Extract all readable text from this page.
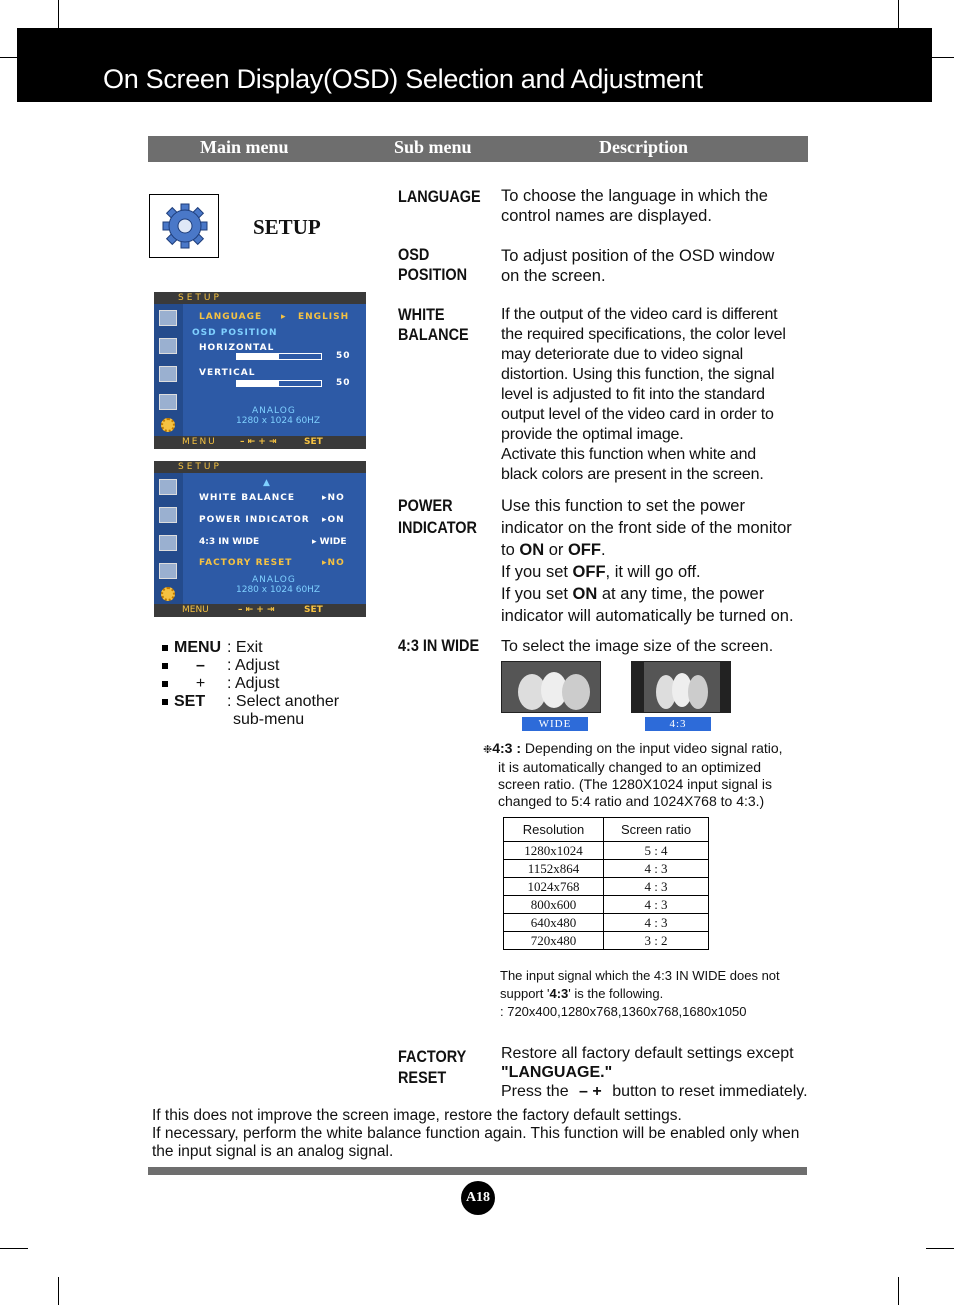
On Screen Display(OSD) Selection and Adjustment
Main menu	Sub menu	Description
SETUP
SETUP
LANGUAGE ▸ ENGLISH
OSD POSITION
HORIZONTAL
50
VERTICAL
50
ANALOG
1280 x 1024 60HZ
MENU	– ⇤ + ⇥	SET
SETUP
▲
WHITE BALANCE	▸NO
POWER INDICATOR ▸ON
4:3 IN WIDE	▸ WIDE
FACTORY RESET	▸NO
ANALOG
1280 x 1024 60HZ
MENU	– ⇤ + ⇥	SET
MENU : Exit
– : Adjust
+ : Adjust
SET : Select another
sub-menu
LANGUAGE To choose the language in which the
control names are displayed.
OSD
POSITION
To adjust position of the OSD window
on the screen.
WHITE
BALANCE
If the output of the video card is different
the required specifications, the color level
may deteriorate due to video signal
distortion. Using this function, the signal
level is adjusted to fit into the standard
output level of the video card in order to
provide the optimal image.
Activate this function when white and
black colors are present in the screen.
POWER
INDICATOR
Use this function to set the power
indicator on the front side of the monitor
to ON or OFF.
If you set OFF, it will go off.
If you set ON at any time, the power
indicator will automatically be turned on.
4:3 IN WIDE To select the image size of the screen.
WIDE	4:3
❉4:3 : Depending on the input video signal ratio,
it is automatically changed to an optimized
screen ratio. (The 1280X1024 input signal is
changed to 5:4 ratio and 1024X768 to 4:3.)
Resolution	Screen ratio
1280x1024	5 : 4
1152x864	4 : 3
1024x768	4 : 3
800x600	4 : 3
640x480	4 : 3
720x480	3 : 2
The input signal which the 4:3 IN WIDE does not
support '4:3' is the following.
: 720x400,1280x768,1360x768,1680x1050
FACTORY
RESET
Restore all factory default settings except
"LANGUAGE."
Press the – + button to reset immediately.
If this does not improve the screen image, restore the factory default settings.
If necessary, perform the white balance function again. This function will be enabled only when
the input signal is an analog signal.
A18
